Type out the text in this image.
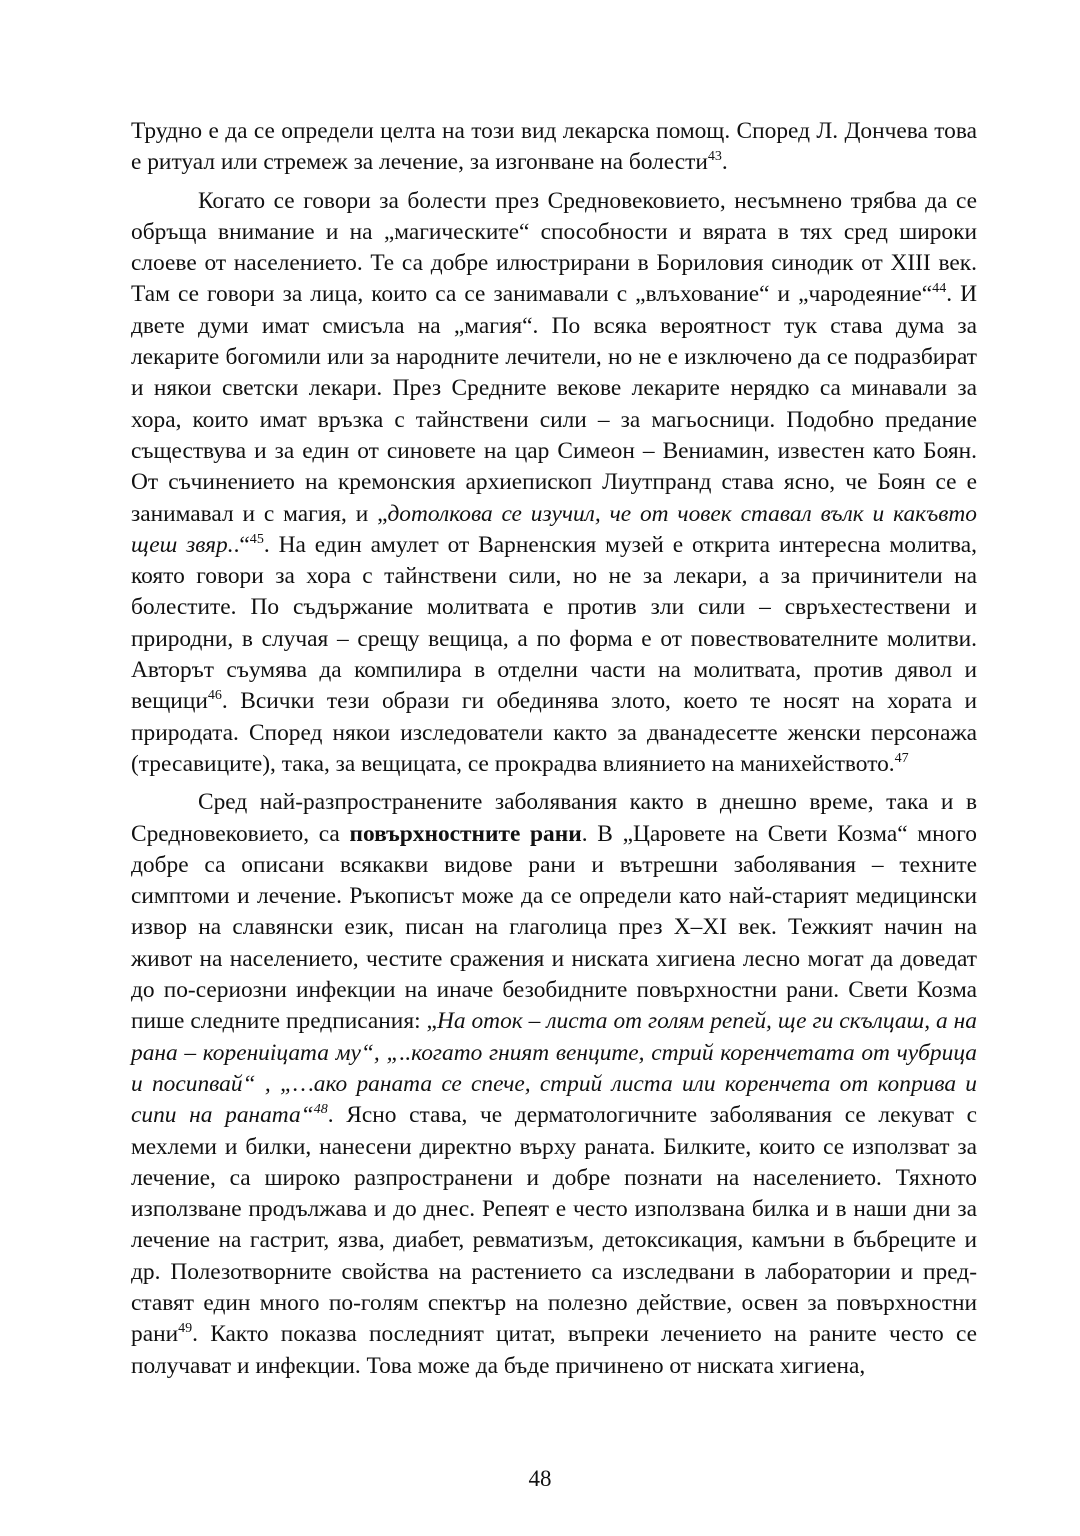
Трудно е да се определи целта на този вид лекарска помощ. Според Л. Дончева това е ритуал или стремеж за лечение, за изгонване на болести$^{43}$.

Когато се говори за болести през Средновековието, несъмнено трябва да се обръща внимание и на „магическите“ способности и вярата в тях сред широки слоеве от населението. Те са добре илюстрирани в Бориловия синодик от XIII век. Там се говори за лица, които са се занимавали с „влъхование“ и „чародеяние“$^{44}$. И двете думи имат смисъла на „магия“. По всяка вероятност тук става дума за лекарите богомили или за народните лечители, но не е изключено да се подразбират и някои светски лекари. През Средните векове лекарите нерядко са минавали за хора, които имат връзка с тайнствени сили – за магьосници. Подобно предание съществува и за един от синовете на цар Симеон – Вениамин, известен като Боян. От съчинението на кремонския архиепископ Лиутпранд става ясно, че Боян се е занимавал и с магия, и „дотолкова се изучил, че от човек ставал вълк и какъвто щеш звяр..“$^{45}$. На един амулет от Варненския музей е открита интересна молитва, която говори за хора с тайнствени сили, но не за лекари, а за причинители на болестите. По съдържание молитвата е против зли сили – свръхестествени и природни, в случая – срещу вещица, а по форма е от повествователните молитви. Авторът съумява да компилира в отделни части на молитвата, против дявол и вещици$^{46}$. Всички тези образи ги обединява злото, което те носят на хората и природата. Според някои изследователи както за дванадесетте женски персонажа (тресавиците), така, за вещицата, се прокрадва влиянието на манихейството.$^{47}$

Сред най-разпространените заболявания както в днешно време, така и в Средновековието, са повърхностните рани. В „Царовете на Свети Козма“ много добре са описани всякакви видове рани и вътрешни заболявания – техните симптоми и лечение. Ръкописът може да се определи като най-старият медицински извор на славянски език, писан на глаголица през X–XI век. Тежкият начин на живот на населението, честите сражения и ниската хигиена лесно могат да доведат до по-сериозни инфекции на иначе безобидните повърхностни рани. Свети Козма пише следните предписания: „На оток – листа от голям репей, ще ги скълцаш, а на рана – корениiцата му“, „..когато гният венците, стрий коренчетата от чубрица и посипвай“ , „…ако раната се спече, стрий листа или коренчета от коприва и сипи на раната“$^{48}$. Ясно става, че дерматологичните заболявания се лекуват с мехлеми и билки, нанесени директно върху раната. Билките, които се използват за лечение, са широко разпространени и добре познати на населението. Тяхното използване продължава и до днес. Репеят е често използвана билка и в наши дни за лечение на гастрит, язва, диабет, ревматизъм, детоксикация, камъни в бъбреците и др. Полезотворните свойства на растението са изследвани в лаборатории и представят един много по-голям спектър на полезно действие, освен за повърхностни рани$^{49}$. Както показва последният цитат, въпреки лечението на раните често се получават и инфекции. Това може да бъде причинено от ниската хигиена,

48
